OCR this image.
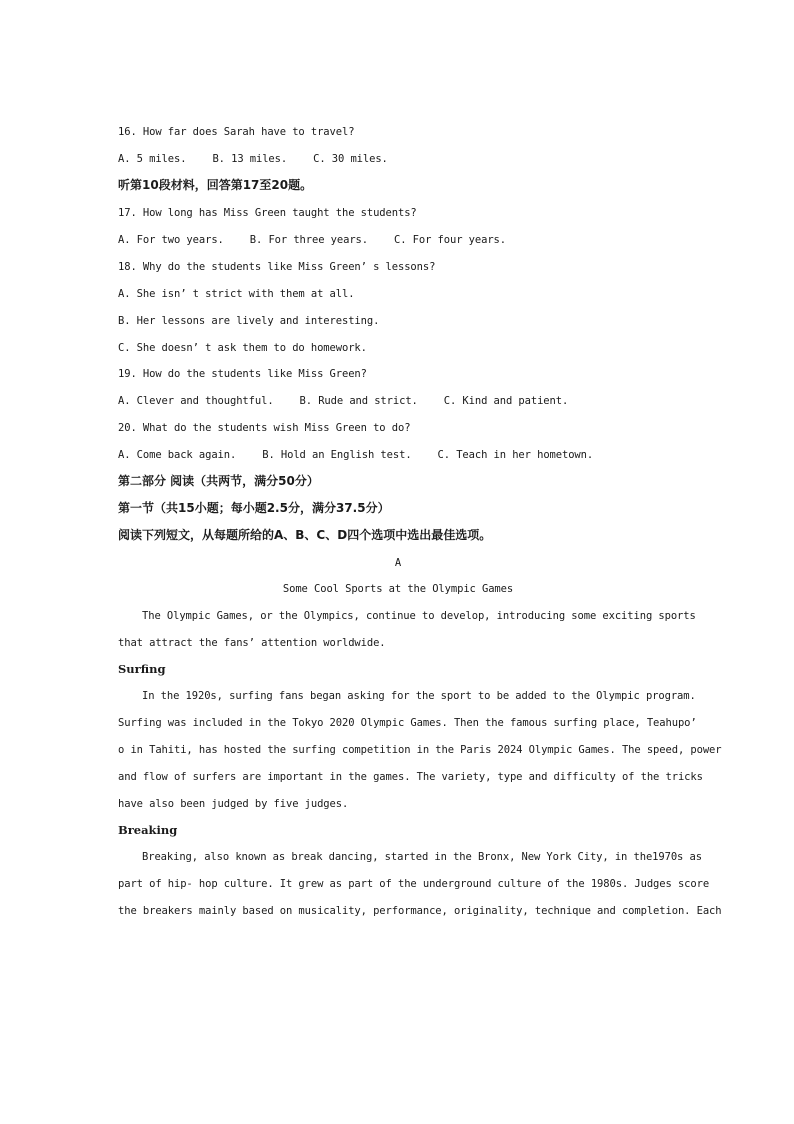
16. How far does Sarah have to travel?
A. 5 miles. B. 13 miles. C. 30 miles.
听第10段材料，回答第17至20题。
17. How long has Miss Green taught the students?
A. For two years. B. For three years. C. For four years.
18. Why do the students like Miss Green’ s lessons?
A. She isn’ t strict with them at all.
B. Her lessons are lively and interesting.
C. She doesn’ t ask them to do homework.
19. How do the students like Miss Green?
A. Clever and thoughtful. B. Rude and strict. C. Kind and patient.
20. What do the students wish Miss Green to do?
A. Come back again. B. Hold an English test. C. Teach in her hometown.
第二部分 阅读（共两节，满分50分）
第一节（共15小题；每小题2.5分，满分37.5分）
阅读下列短文，从每题所给的A、B、C、D四个选项中选出最佳选项。
A
Some Cool Sports at the Olympic Games
The Olympic Games, or the Olympics, continue to develop, introducing some exciting sports
that attract the fans’ attention worldwide.
Surfing
In the 1920s, surfing fans began asking for the sport to be added to the Olympic program.
Surfing was included in the Tokyo 2020 Olympic Games. Then the famous surfing place, Teahupo’
o in Tahiti, has hosted the surfing competition in the Paris 2024 Olympic Games. The speed, power
and flow of surfers are important in the games. The variety, type and difficulty of the tricks
have also been judged by five judges.
Breaking
Breaking, also known as break dancing, started in the Bronx, New York City, in the1970s as
part of hip- hop culture. It grew as part of the underground culture of the 1980s. Judges score
the breakers mainly based on musicality, performance, originality, technique and completion. Each
